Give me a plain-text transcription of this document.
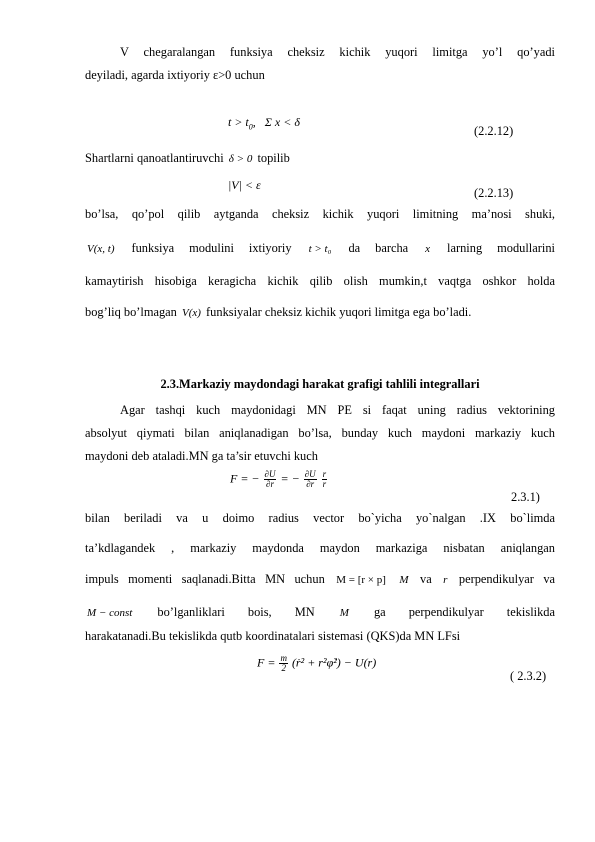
V chegaralangan funksiya cheksiz kichik yuqori limitga yo’l qo’yadi
deyiladi, agarda ixtiyoriy ε>0 uchun
$t > t_0$, Σ x < δ
(2.2.12)
Shartlarni qanoatlantiruvchi δ > 0 topilib
|V| < ε
(2.2.13)
bo’lsa, qo’pol qilib aytganda cheksiz kichik yuqori limitning ma’nosi shuki,
V(x, t) funksiya modulini ixtiyoriy t > t₀ da barcha x larning modullarini
kamaytirish hisobiga keragicha kichik qilib olish mumkin,t vaqtga oshkor holda
bog’liq bo’lmagan V(x) funksiyalar cheksiz kichik yuqori limitga ega bo’ladi.
2.3.Markaziy maydondagi harakat grafigi tahlili integrallari
Agar tashqi kuch maydonidagi MN PE si faqat uning radius vektorining
absolyut qiymati bilan aniqlanadigan bo’lsa, bunday kuch maydoni markaziy kuch
maydoni deb ataladi.MN ga ta’sir etuvchi kuch
F = − $\frac{\partial U}{\partial r}$ = − $\frac{\partial U}{\partial r}$
$\frac{r}{r}$
2.3.1)
bilan beriladi va u doimo radius vector bo`yicha yo`nalgan .IX bo`limda
ta’kdlagandek , markaziy maydonda maydon markaziga nisbatan aniqlangan
impuls momenti saqlanadi.Bitta MN uchun M = [r × p] M va r perpendikulyar va
M − const bo’lganliklari bois, MN M ga perpendikulyar tekislikda
harakatanadi.Bu tekislikda qutb koordinatalari sistemasi (QKS)da MN LFsi
$F = \frac{m}{2}$ (ṙ² + r²φ̇²) − U(r)
( 2.3.2)
